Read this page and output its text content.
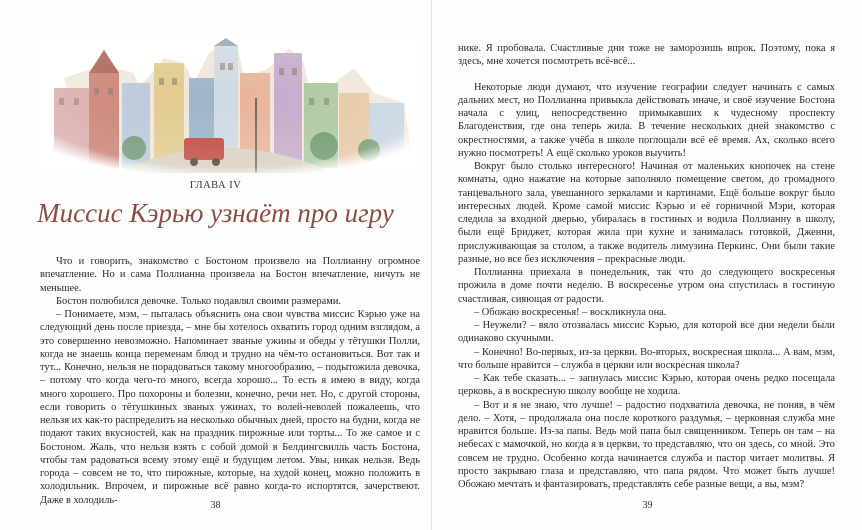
ГЛАВА IV
Миссис Кэрью узнаёт про игру

Что и говорить, знакомство с Бостоном произвело на Поллианну огромное впечатление. Но и сама Поллианна произвела на Бостон впечатление, ничуть не меньшее.

Бостон полюбился девочке. Только подавлял своими размерами.

– Понимаете, мэм, – пыталась объяснить она свои чувства миссис Кэрью уже на следующий день после приезда, – мне бы хотелось охватить город одним взглядом, а это совершенно невозможно. Напоминает званые ужины и обеды у тётушки Полли, когда не знаешь конца переменам блюд и трудно на чём-то остановиться. Вот так и тут... Конечно, нельзя не порадоваться такому многообразию, – подытожила девочка, – потому что когда чего-то много, всегда хорошо... То есть я имею в виду, когда много хорошего. Про похороны и болезни, конечно, речи нет. Но, с другой стороны, если говорить о тётушкиных званых ужинах, то волей-неволей пожалеешь, что нельзя их как-то распределить на несколько обычных дней, просто на будни, когда не подают таких вкусностей, как на праздник пирожные или торты... То же самое и с Бостоном. Жаль, что нельзя взять с собой домой в Белдингсвилль часть Бостона, чтобы там радоваться всему этому ещё и будущим летом. Увы, никак нельзя. Ведь города – совсем не то, что пирожные, которые, на худой конец, можно положить в холодильник. Впрочем, и пирожные всё равно когда-то испортятся, зачерствеют. Даже в холодиль-	38

нике. Я пробовала. Счастливые дни тоже не заморозишь впрок. Поэтому, пока я здесь, мне хочется посмотреть всё-всё...

Некоторые люди думают, что изучение географии следует начинать с самых дальних мест, но Поллианна привыкла действовать иначе, и своё изучение Бостона начала с улиц, непосредственно примыкавших к чудесному проспекту Благоденствия, где она теперь жила. В течение нескольких дней знакомство с окрестностями, а также учёба в школе поглощали всё её время. Ах, сколько всего нужно посмотреть! А ещё сколько уроков выучить!

Вокруг было столько интересного! Начиная от маленьких кнопочек на стене комнаты, одно нажатие на которые заполняло помещение светом, до громадного танцевального зала, увешанного зеркалами и картинами. Ещё больше вокруг было интересных людей. Кроме самой миссис Кэрью и её горничной Мэри, которая следила за входной дверью, убиралась в гостиных и водила Поллианну в школу, были ещё Бриджет, которая жила при кухне и занималась готовкой, Дженни, прислуживающая за столом, а также водитель лимузина Перкинс. Они были такие разные, но все без исключения – прекрасные люди.

Поллианна приехала в понедельник, так что до следующего воскресенья прожила в доме почти неделю. В воскресенье утром она спустилась в гостиную счастливая, сияющая от радости.

– Обожаю воскресенья! – воскликнула она.

– Неужели? – вяло отозвалась миссис Кэрью, для которой все дни недели были одинаково скучными.

– Конечно! Во-первых, из-за церкви. Во-вторых, воскресная школа... А вам, мэм, что больше нравится – служба в церкви или воскресная школа?

– Как тебе сказать... – запнулась миссис Кэрью, которая очень редко посещала церковь, а в воскресную школу вообще не ходила.

– Вот и я не знаю, что лучше! – радостно подхватила девочка, не поняв, в чём дело. – Хотя, – продолжала она после короткого раздумья, – церковная служба мне нравится больше. Из-за папы. Ведь мой папа был священником. Теперь он там – на небесах с мамочкой, но когда я в церкви, то представляю, что он здесь, со мной. Это совсем не трудно. Особенно когда начинается служба и пастор читает молитвы. Я просто закрываю глаза и представляю, что папа рядом. Что может быть лучше! Обожаю мечтать и фантазировать, представлять себе разные вещи, а вы, мэм?

39
